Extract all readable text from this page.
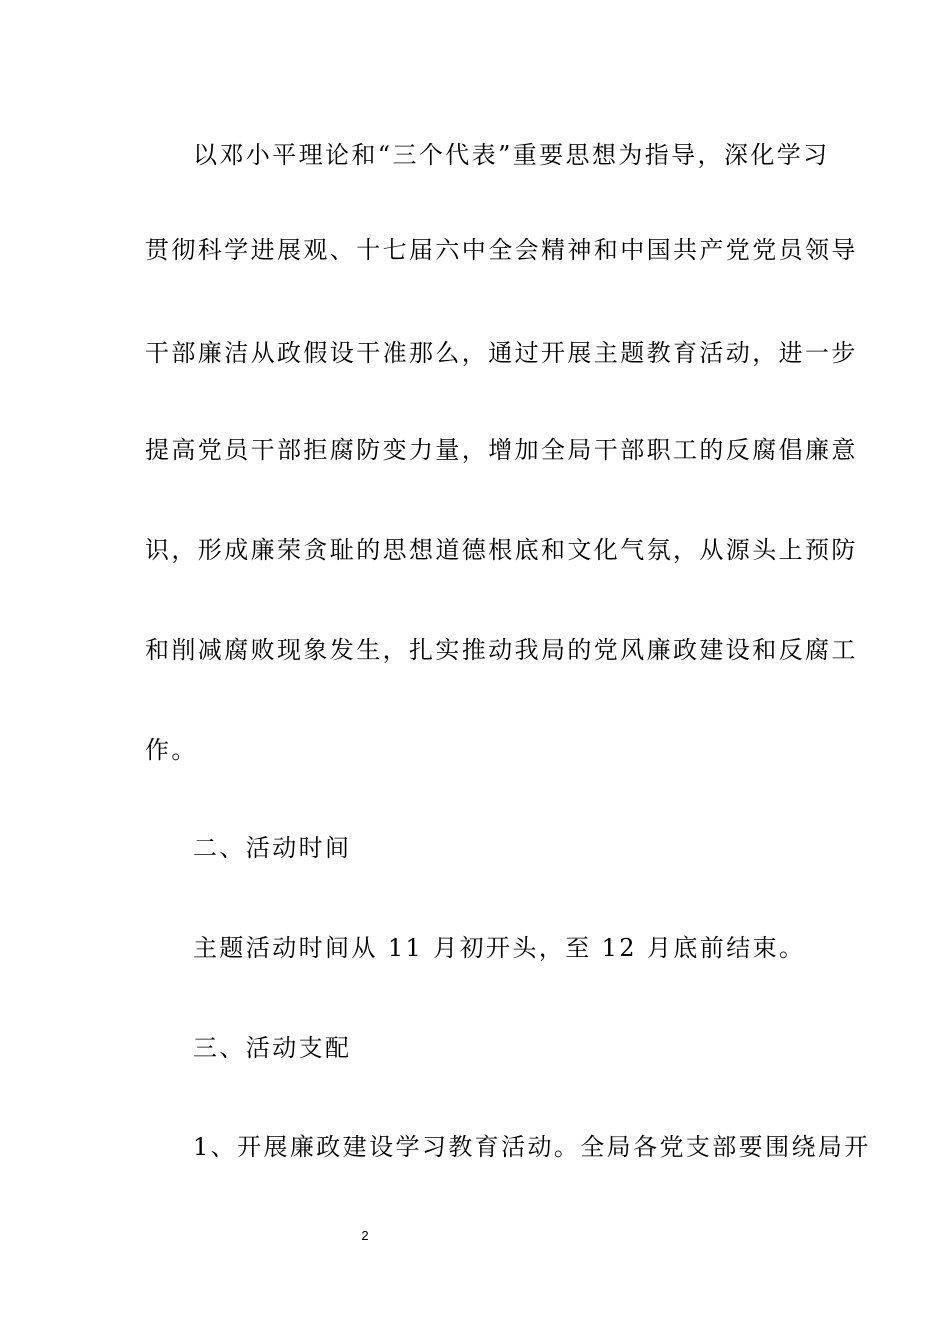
以邓小平理论和“三个代表”重要思想为指导，深化学习
贯彻科学进展观、十七届六中全会精神和中国共产党党员领导
干部廉洁从政假设干准那么，通过开展主题教育活动，进一步
提高党员干部拒腐防变力量，增加全局干部职工的反腐倡廉意
识，形成廉荣贪耻的思想道德根底和文化气氛，从源头上预防
和削减腐败现象发生，扎实推动我局的党风廉政建设和反腐工
作。
二、活动时间
主题活动时间从 11 月初开头，至 12 月底前结束。
三、活动支配
1、开展廉政建设学习教育活动。全局各党支部要围绕局开
2
